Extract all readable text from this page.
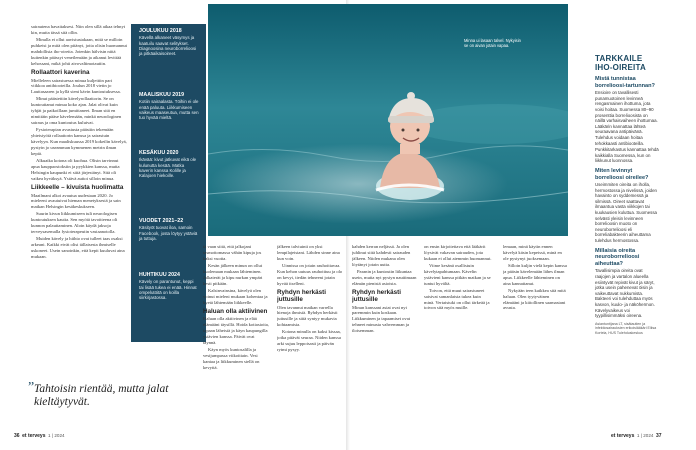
sairautena havaitaksesi. Niin olen sillä aikaa tehnyt kin, mutta tässä sitä ollin.

Minulla ei ollut aavistustakaan, mitä se milloin puhkeisi ja mitä olen pitänyt, jotta olisin huomannut mahdollisia iho-oireita. Jotenkin hälvisin niitä kuitenkin päässyt veneilemään ja aikanut levittää kehossani, mikä johti aivovaltimotautiin.

Rollaattori kaverina

Mielleleen sairastuessa minua kuljettiin pari viikkoa antibiooteilla. Joulun 2018 vietin jo Lauttasaaren ja kyllä sieni kävin kuntoutuksessa.

Minut päästettiin kävelyrollaattorin. Se on kuntouttanut minua koko ajan. Jalat olivat kuin tyhjät ja paikoillaan jumittaneet. Ilman sitä en nimittäin pääse kävelemään, minkä neurologinen sairaus ja oma kuntoutus kuluivat.

Fysioterapian avustusta päästiin tekemään yhteistyötä rollaattorin kanssa ja sairastuin kävelyyn. Kun maaliskuussa 2019 kokeilin kävelyä, pystyin jo useamman kymmenen metrin ilman kepiä.

Alkuaika kotona oli kuohua. Olisin tarvinnut apua kauppaostoksiin ja pyykkien kanssa, mutta Helsingin kaupunki ei siitä järjestänyt. Sitä oli vaikea hyväksyä. Ystävä auttoi silloin minua.

Liikkeelle – kivuista huolimatta

Maailmani alkoi avautua uudestaan 2020. Jo mieleeni avautuivat hieman menetyksestä ja sain matkan Helsingin kesäkeskukseen.

Suurin kivun liikkumiseen tuli neurologisen kuntoutuksen kautta. Sen myötä tavoitteena oli kunnon palauttaminen. Aloin käydä jaksoja terveysasemalla fysioterapeutin vastaanotolla.

Muiden kävely ja hiihto ovat tulleet taas osaksi arkeani. Kaikki eivät olisi tällaisesta ihmiselle uskoneet. Usein sanoinkin, että kepit kuuluvat aina mukaan.

JOULUKUU 2018
Kävellä alkaneet väsymys ja kaatuilu saavat selitykset. Diagnoosina neuroborrelioosi ja pitkäaikaisoireet.
MAALISKUU 2019
Kotiin sairaalasta. Töihin ei ole enää paluuta. Liikkumiseen vaikeus maaseutua, mutta sen tuo hyvää mieltä.
KESÄKUU 2020
Ikävää: kivut jatkuvat eikä ole kulunutta kesää. Matka kaverin kanssa Kolille ja Kalajoen hiekoille.
VUODET 2021–22
Käsityöt tuovat iloa, samoin Facebook, josta löytyy ystäviä ja tuttuja.
HUHTIKUU 2024
Kävely on parantunut, keppi tai lisää tukea ei enää. Hinnat ompelutöitä on koilla siirkirjastossa.
Minna ui lasaan talvel. Nykyisin se on aivan jotain vapaa.

tä vaan siitä, että jalkojani tasmottomassa vähän kipuja jos kaksi vuotta.

Kesän jälkeen minun on ollut kuolemaan mukaan lähteminen. Jalkaterät ja kipu nurkan ympäri kesti pitkään.

Kalsinvainsina, kävelyä olen voinut mieleni mukaan kohentaa ja kyetä lähtemään liikkeelle.

Haluan olla aktiivinen

Haluan olla aktiivinen ja elää elämääni täysillä. Hoida kotiasioita, tapaan läheisiä ja käyn kaupungilla ystävien kanssa. Päivät ovat täynnä.

Käyn myös kuntosalilla ja vesijumpassa viikoittain. Vesi kantaa ja liikkuminen siellä on kevyttä.

jälkeen talviuinti on yksi lempilajeistani. Lähden sinne aina kun voin.

Uinnissa on jotain rauhoittavaa. Kun kehon uutuus rauhoittuu ja olo on kevyt, tiedän tehneeni jotain hyvää itselleni.

Ryhdyn herkästi juttusille

Olen tavannut matkan varrella hienoja ihmisiä. Ryhdyn herkästi juttusille ja siitä syntyy mukavia kohtaamisia.

Kotona minulla on kaksi kissaa, jotka pitävät seuraa. Niiden kanssa arki sujuu leppoisasti ja päivän rytmi pysyy.

kahden kerran neljässä. Ja olen juhlinut siitä kahdesti sairauden jälkeen. Niiden mukana olen löytänyt jotain uutta.

Paranin ja kuntoutin liikuntaa usein, mutta nyt pystyn nauttimaan elämän pienistä asioista.

Ryhdyn herkästi juttusille

Minun kanssani asiat ovat nyt paremmin kuin koskaan. Liikkuminen ja tapaamiset ovat tehneet minusta vahvemman ja iloisemman.

on ensin kirjoitettava että lääkärit löysivät vakavan sairauden, jota kukaan ei ollut aiemmin huomannut.

Viime kesänä osallistuin kävelytapahtumaan. Kävelin ystävieni kanssa pitkän matkan ja se tuntui hyvältä.

Toivon, että muut sairastuneet saisivat samanlaista tukea kuin minä. Vertaistuki on ollut tärkeää ja toivon sitä myös muille.

lemaan, minä käytin ennen kävelyä käsin kepeissä, minä en ole pystynyt juoksemaan.

Silloin kuljin vielä kepin kanssa ja pääsin kävelemään lähes ilman apua. Liikkeelle lähteminen on aina kannattanut.

Nykyään teen kaikkea sitä mitä haluan. Olen tyytyväinen elämääni ja kiitollinen saamastani avusta.

” Tahtoisin rientää, mutta jalat kieltäytyvät.
TARKKAILE IHO-OIREITA
Mistä tunnistaa borrelioosi-tartunnan?

Ensioire on tavallisesti punamuotoinen levinneä rengasmainen ihottuma, jota voisi hoitaa. Suomessa 80–90 prosenttia borrelioosista on näillä varhaisvaiheen ihottumaa. Lääkärin kannattaa lähteä seuraavana antipäivänä. Tulehdus voidaan hoitaa tehokkaasti antibiooteilla.

Punkkitarkastus kannattaa tehdä kaikkialla Suomessa, kun on liikkunut luonnossa.

Miten levinnyt borrelioosi oireilee?

Useimmiten oireita on iholla, hermostossa ja nivelissä, joiden havainto on syddemessä ja silmissä. Oireet saattavat ilmaantua vasta viikkojen tai kuukausien kuluttua. Suomessa selvästi yleisin levinneen borrelioosin muoto on neuroborrelioosi eli borreliabakteerin aiheuttama tulehdus hermostossa.

Millaisia oireita neuroborrelioosi aiheuttaa?

Tavallisimpia oireita ovat raajojen ja vartalon alueella esiintyvät repivät kivut ja säryt, jotka usein pahenevat öisin ja vaikeuttavat nukkumista. Bakteeri voi tulehduttaa myös kasvon, kuulo- ja näköhermon. Kävelyvaikeus voi tyypillisimmäksi oireena.

Asiantuntijana LT, sisätautien ja infektiosairauksien erikoislääkäri Eliisa Kortela, HUS Tulehduskeskus
36 et terveys 1 | 2024	et terveys 1 | 2024 37
